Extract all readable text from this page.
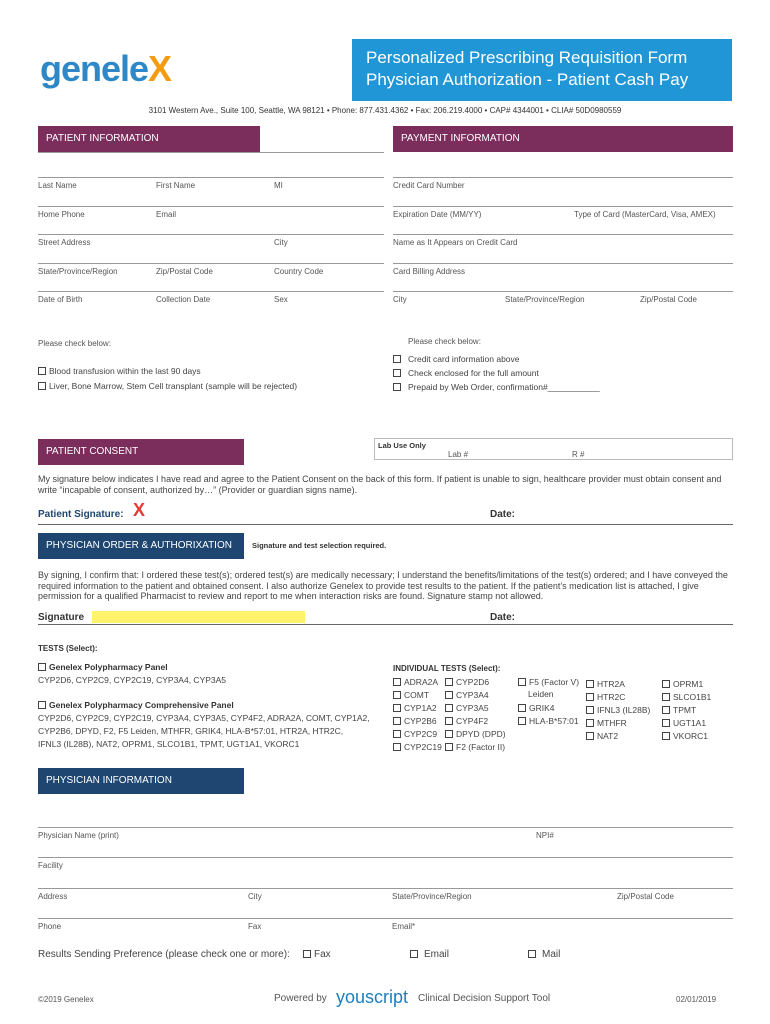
geneleX	Personalized Prescribing Requisition Form
Physician Authorization - Patient Cash Pay
3101 Western Ave., Suite 100, Seattle, WA 98121 • Phone: 877.431.4362 • Fax: 206.219.4000 • CAP# 4344001 • CLIA# 50D0980559
PATIENT INFORMATION
Last Name	First Name	MI
Home Phone	Email
Street Address	City
State/Province/Region	Zip/Postal Code	Country Code
Date of Birth	Collection Date	Sex
Please check below:
Blood transfusion within the last 90 days
Liver, Bone Marrow, Stem Cell transplant (sample will be rejected)
PAYMENT INFORMATION
Credit Card Number
Expiration Date (MM/YY)	Type of Card (MasterCard, Visa, AMEX)
Name as It Appears on Credit Card
Card Billing Address
City	State/Province/Region	Zip/Postal Code
Please check below:
Credit card information above
Check enclosed for the full amount
Prepaid by Web Order, confirmation#___________
PATIENT CONSENT
Lab Use Only
Lab #	R #
My signature below indicates I have read and agree to the Patient Consent on the back of this form. If patient is unable to sign, healthcare provider must obtain consent and write “incapable of consent, authorized by…” (Provider or guardian signs name).
Patient Signature: X	Date:
PHYSICIAN ORDER & AUTHORIXATION	Signature and test selection required.
By signing, I confirm that: I ordered these test(s); ordered test(s) are medically necessary; I understand the benefits/limitations of the test(s) ordered; and I have conveyed the required information to the patient and obtained consent. I also authorize Genelex to provide test results to the patient. If the patient’s medication list is attached, I give permission for a qualified Pharmacist to review and report to me when interaction risks are found. Signature stamp not allowed.
Signature	Date:
TESTS (Select):
Genelex Polypharmacy Panel
CYP2D6, CYP2C9, CYP2C19, CYP3A4, CYP3A5
Genelex Polypharmacy Comprehensive Panel
CYP2D6, CYP2C9, CYP2C19, CYP3A4, CYP3A5, CYP4F2, ADRA2A, COMT, CYP1A2,
CYP2B6, DPYD, F2, F5 Leiden, MTHFR, GRIK4, HLA-B*57:01, HTR2A, HTR2C,
IFNL3 (IL28B), NAT2, OPRM1, SLCO1B1, TPMT, UGT1A1, VKORC1
INDIVIDUAL TESTS (Select):
ADRA2A
COMT
CYP1A2
CYP2B6
CYP2C9
CYP2C19
CYP2D6
CYP3A4
CYP3A5
CYP4F2
DPYD (DPD)
F2 (Factor II)
F5 (Factor V)
Leiden
GRIK4
HLA-B*57:01
HTR2A
HTR2C
IFNL3 (IL28B)
MTHFR
NAT2
OPRM1
SLCO1B1
TPMT
UGT1A1
VKORC1
PHYSICIAN INFORMATION
Physician Name (print)	NPI#
Facility
Address	City	State/Province/Region	Zip/Postal Code
Phone	Fax	Email*
Results Sending Preference (please check one or more):	Fax	Email	Mail
©2019 Genelex	Powered by youscript Clinical Decision Support Tool	02/01/2019
